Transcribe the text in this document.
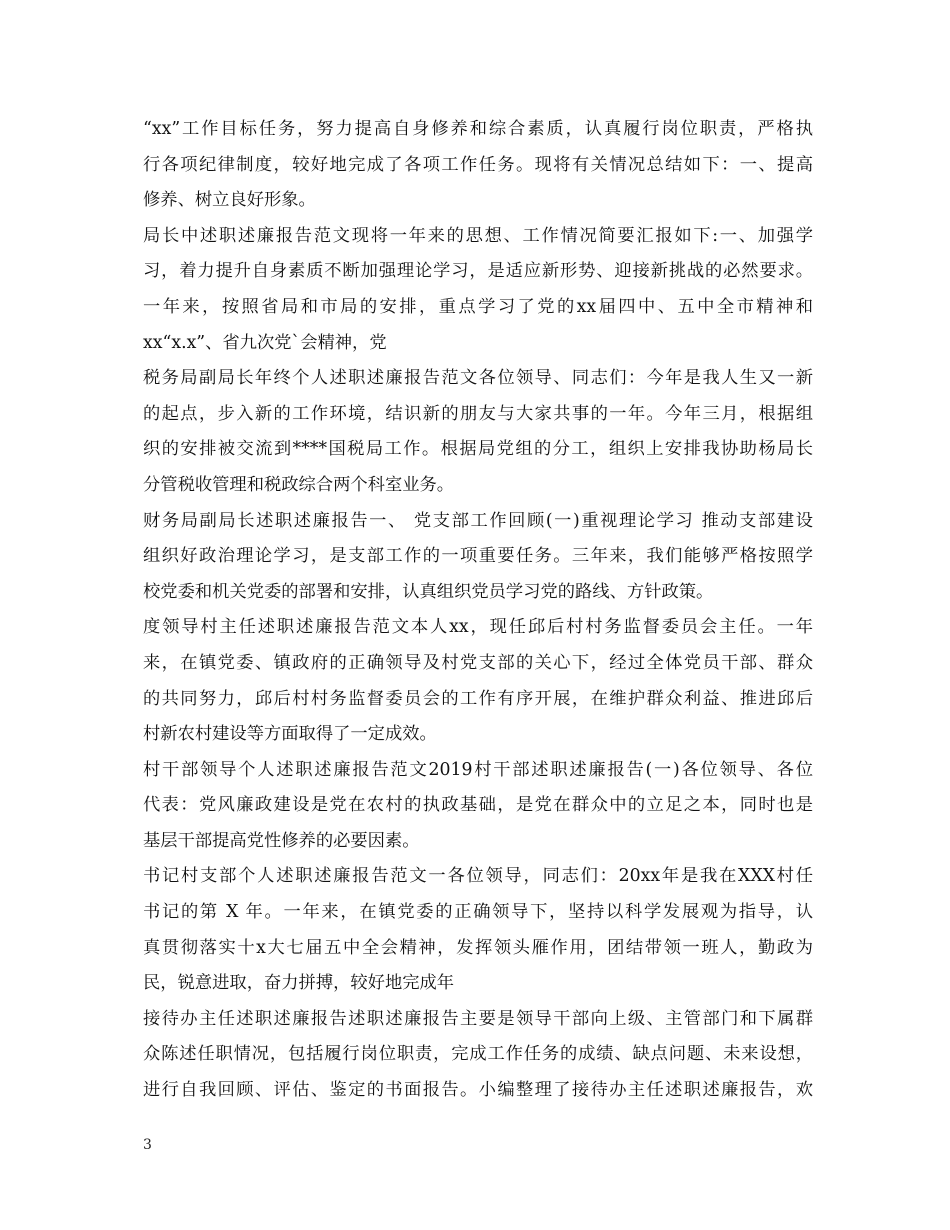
“xx”工作目标任务，努力提高自身修养和综合素质，认真履行岗位职责，严格执
行各项纪律制度，较好地完成了各项工作任务。现将有关情况总结如下：一、提高
修养、树立良好形象。
局长中述职述廉报告范文现将一年来的思想、工作情况简要汇报如下:一、加强学
习，着力提升自身素质不断加强理论学习，是适应新形势、迎接新挑战的必然要求。
一年来，按照省局和市局的安排，重点学习了党的xx届四中、五中全市精神和
xx“x.x”、省九次党`会精神，党
税务局副局长年终个人述职述廉报告范文各位领导、同志们：今年是我人生又一新
的起点，步入新的工作环境，结识新的朋友与大家共事的一年。今年三月，根据组
织的安排被交流到****国税局工作。根据局党组的分工，组织上安排我协助杨局长
分管税收管理和税政综合两个科室业务。
财务局副局长述职述廉报告一、 党支部工作回顾(一)重视理论学习 推动支部建设
组织好政治理论学习，是支部工作的一项重要任务。三年来，我们能够严格按照学
校党委和机关党委的部署和安排，认真组织党员学习党的路线、方针政策。
度领导村主任述职述廉报告范文本人xx，现任邱后村村务监督委员会主任。一年
来，在镇党委、镇政府的正确领导及村党支部的关心下，经过全体党员干部、群众
的共同努力，邱后村村务监督委员会的工作有序开展，在维护群众利益、推进邱后
村新农村建设等方面取得了一定成效。
村干部领导个人述职述廉报告范文2019村干部述职述廉报告(一)各位领导、各位
代表：党风廉政建设是党在农村的执政基础，是党在群众中的立足之本，同时也是
基层干部提高党性修养的必要因素。
书记村支部个人述职述廉报告范文一各位领导，同志们：20xx年是我在XXX村任
书记的第 X 年。一年来，在镇党委的正确领导下，坚持以科学发展观为指导，认
真贯彻落实十x大七届五中全会精神，发挥领头雁作用，团结带领一班人，勤政为
民，锐意进取，奋力拼搏，较好地完成年
接待办主任述职述廉报告述职述廉报告主要是领导干部向上级、主管部门和下属群
众陈述任职情况，包括履行岗位职责，完成工作任务的成绩、缺点问题、未来设想，
进行自我回顾、评估、鉴定的书面报告。小编整理了接待办主任述职述廉报告，欢
3
